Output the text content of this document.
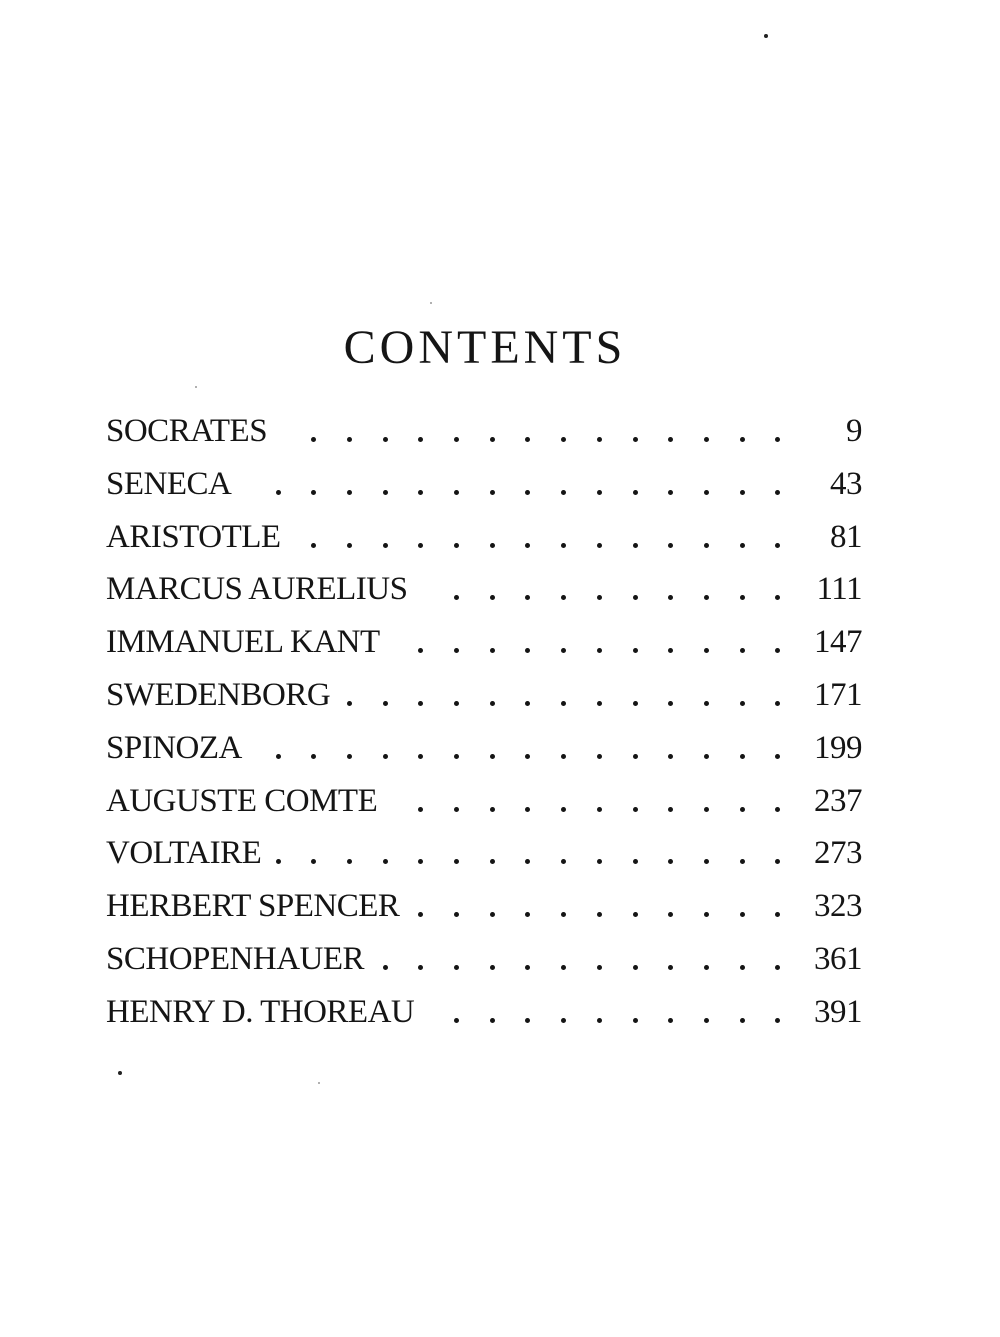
CONTENTS
SOCRATES	9
SENECA	43
ARISTOTLE	81
MARCUS AURELIUS	111
IMMANUEL KANT	147
SWEDENBORG	171
SPINOZA	199
AUGUSTE COMTE	237
VOLTAIRE	273
HERBERT SPENCER	323
SCHOPENHAUER	361
HENRY D. THOREAU	391
